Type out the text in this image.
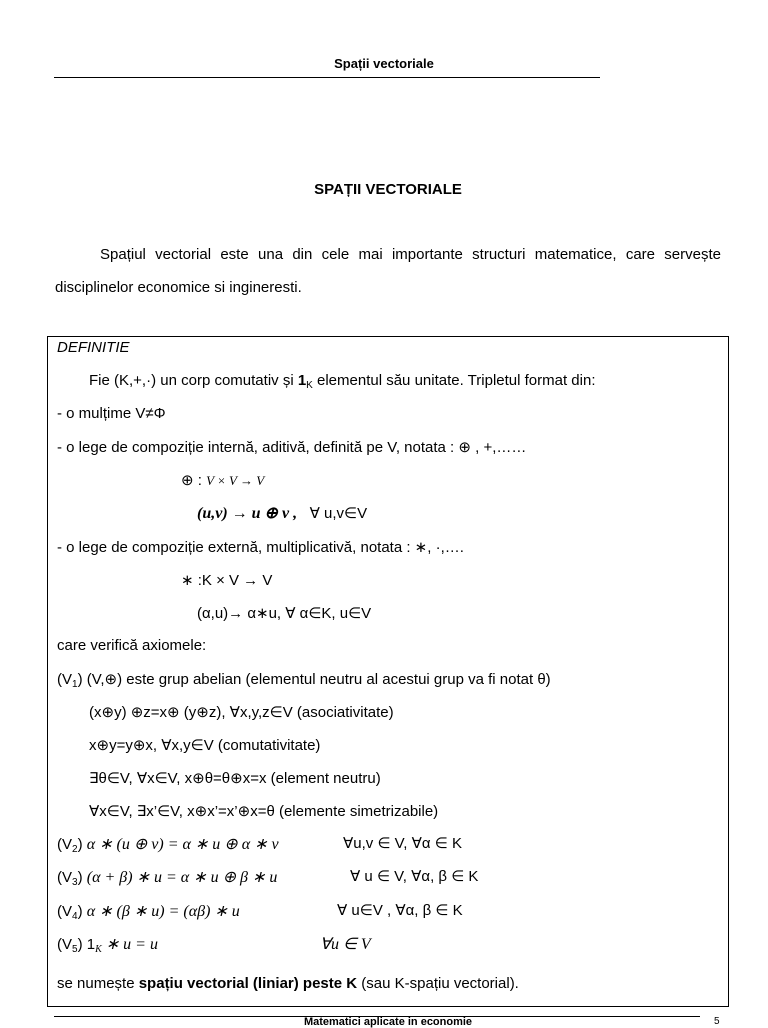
Spații vectoriale
SPAȚII VECTORIALE

Spațiul vectorial este una din cele mai importante structuri matematice, care servește disciplinelor economice si ingineresti.

DEFINITIE
Fie (K,+,·) un corp comutativ și $1_K$ elementul său unitate. Tripletul format din:
- o mulțime V≠Φ
- o lege de compoziție internă, aditivă, definită pe V, notata : ⊕ , +,……
⊕ : V × V → V
(u,v) → u ⊕ v ,   ∀ u,v∈V
- o lege de compoziție externă, multiplicativă, notata : ∗, ·,….
∗ :K × V → V
(α,u)→ α∗u, ∀ α∈K, u∈V
care verifică axiomele:
$(V_1)$ (V,⊕) este grup abelian (elementul neutru al acestui grup va fi notat θ)
(x⊕y) ⊕z=x⊕ (y⊕z), ∀x,y,z∈V (asociativitate)
x⊕y=y⊕x, ∀x,y∈V (comutativitate)
∃θ∈V, ∀x∈V, x⊕θ=θ⊕x=x (element neutru)
∀x∈V, ∃x’∈V, x⊕x’=x’⊕x=θ (elemente simetrizabile)
$(V_2)$ α ∗ (u ⊕ v) = α ∗ u ⊕ α ∗ v	∀u,v ∈ V, ∀α ∈ K
$(V_3) (\alpha + \beta)$ ∗ u = α ∗ u ⊕ β ∗ u	∀ u ∈ V, ∀α, β ∈ K
$(V_4)$ α ∗ (β ∗ u) = (αβ) ∗ u	∀ u∈V , ∀α, β ∈ K
$(V_5)$ $1_K$ ∗ u = u	∀u ∈ V
se numește spațiu vectorial (liniar) peste K (sau K-spațiu vectorial).
Matematici aplicate in economie	5
